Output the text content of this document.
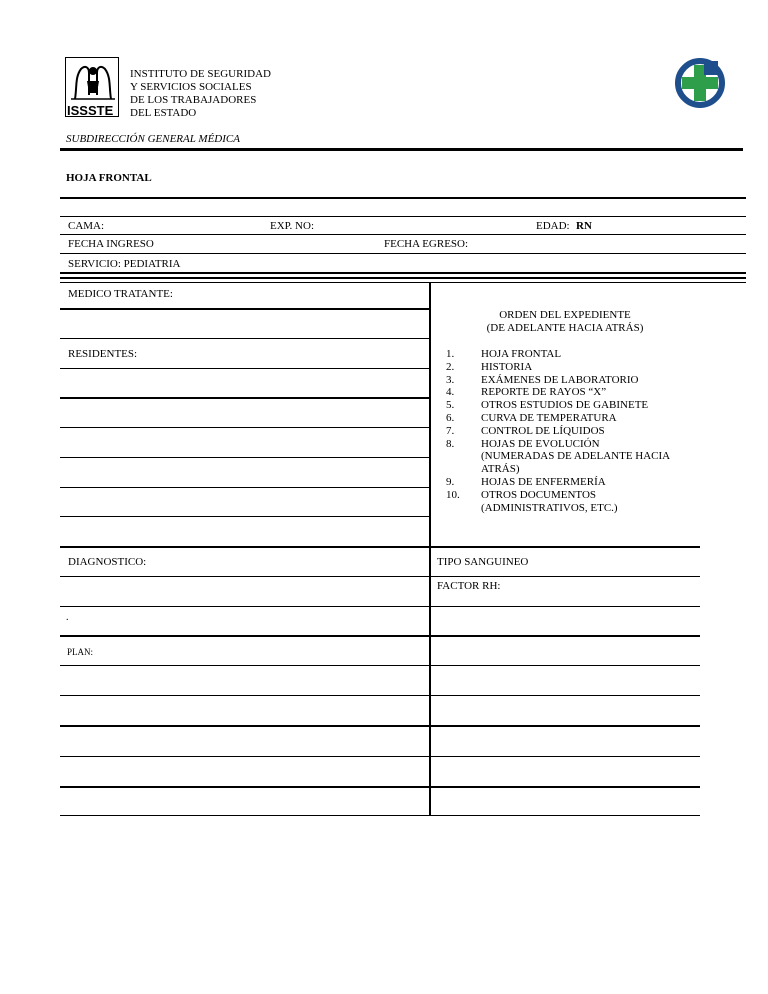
ISSSTE
INSTITUTO DE SEGURIDAD
Y SERVICIOS SOCIALES
DE LOS TRABAJADORES
DEL ESTADO
SUBDIRECCIÓN GENERAL MÉDICA
HOJA FRONTAL
CAMA:	EXP. NO:	EDAD: RN
FECHA INGRESO	FECHA EGRESO:
SERVICIO: PEDIATRIA
MEDICO TRATANTE:
RESIDENTES:
DIAGNOSTICO:
.
PLAN:
ORDEN DEL EXPEDIENTE
(DE ADELANTE HACIA ATRÁS)
1. HOJA FRONTAL
2. HISTORIA
3. EXÁMENES DE LABORATORIO
4. REPORTE DE RAYOS “X”
5. OTROS ESTUDIOS DE GABINETE
6. CURVA DE TEMPERATURA
7. CONTROL DE LÍQUIDOS
8. HOJAS DE EVOLUCIÓN
9. HOJAS DE ENFERMERÍA
10. OTROS DOCUMENTOS
(NUMERADAS DE ADELANTE HACIA
ATRÁS)
(ADMINISTRATIVOS, ETC.)
TIPO SANGUINEO
FACTOR RH:
